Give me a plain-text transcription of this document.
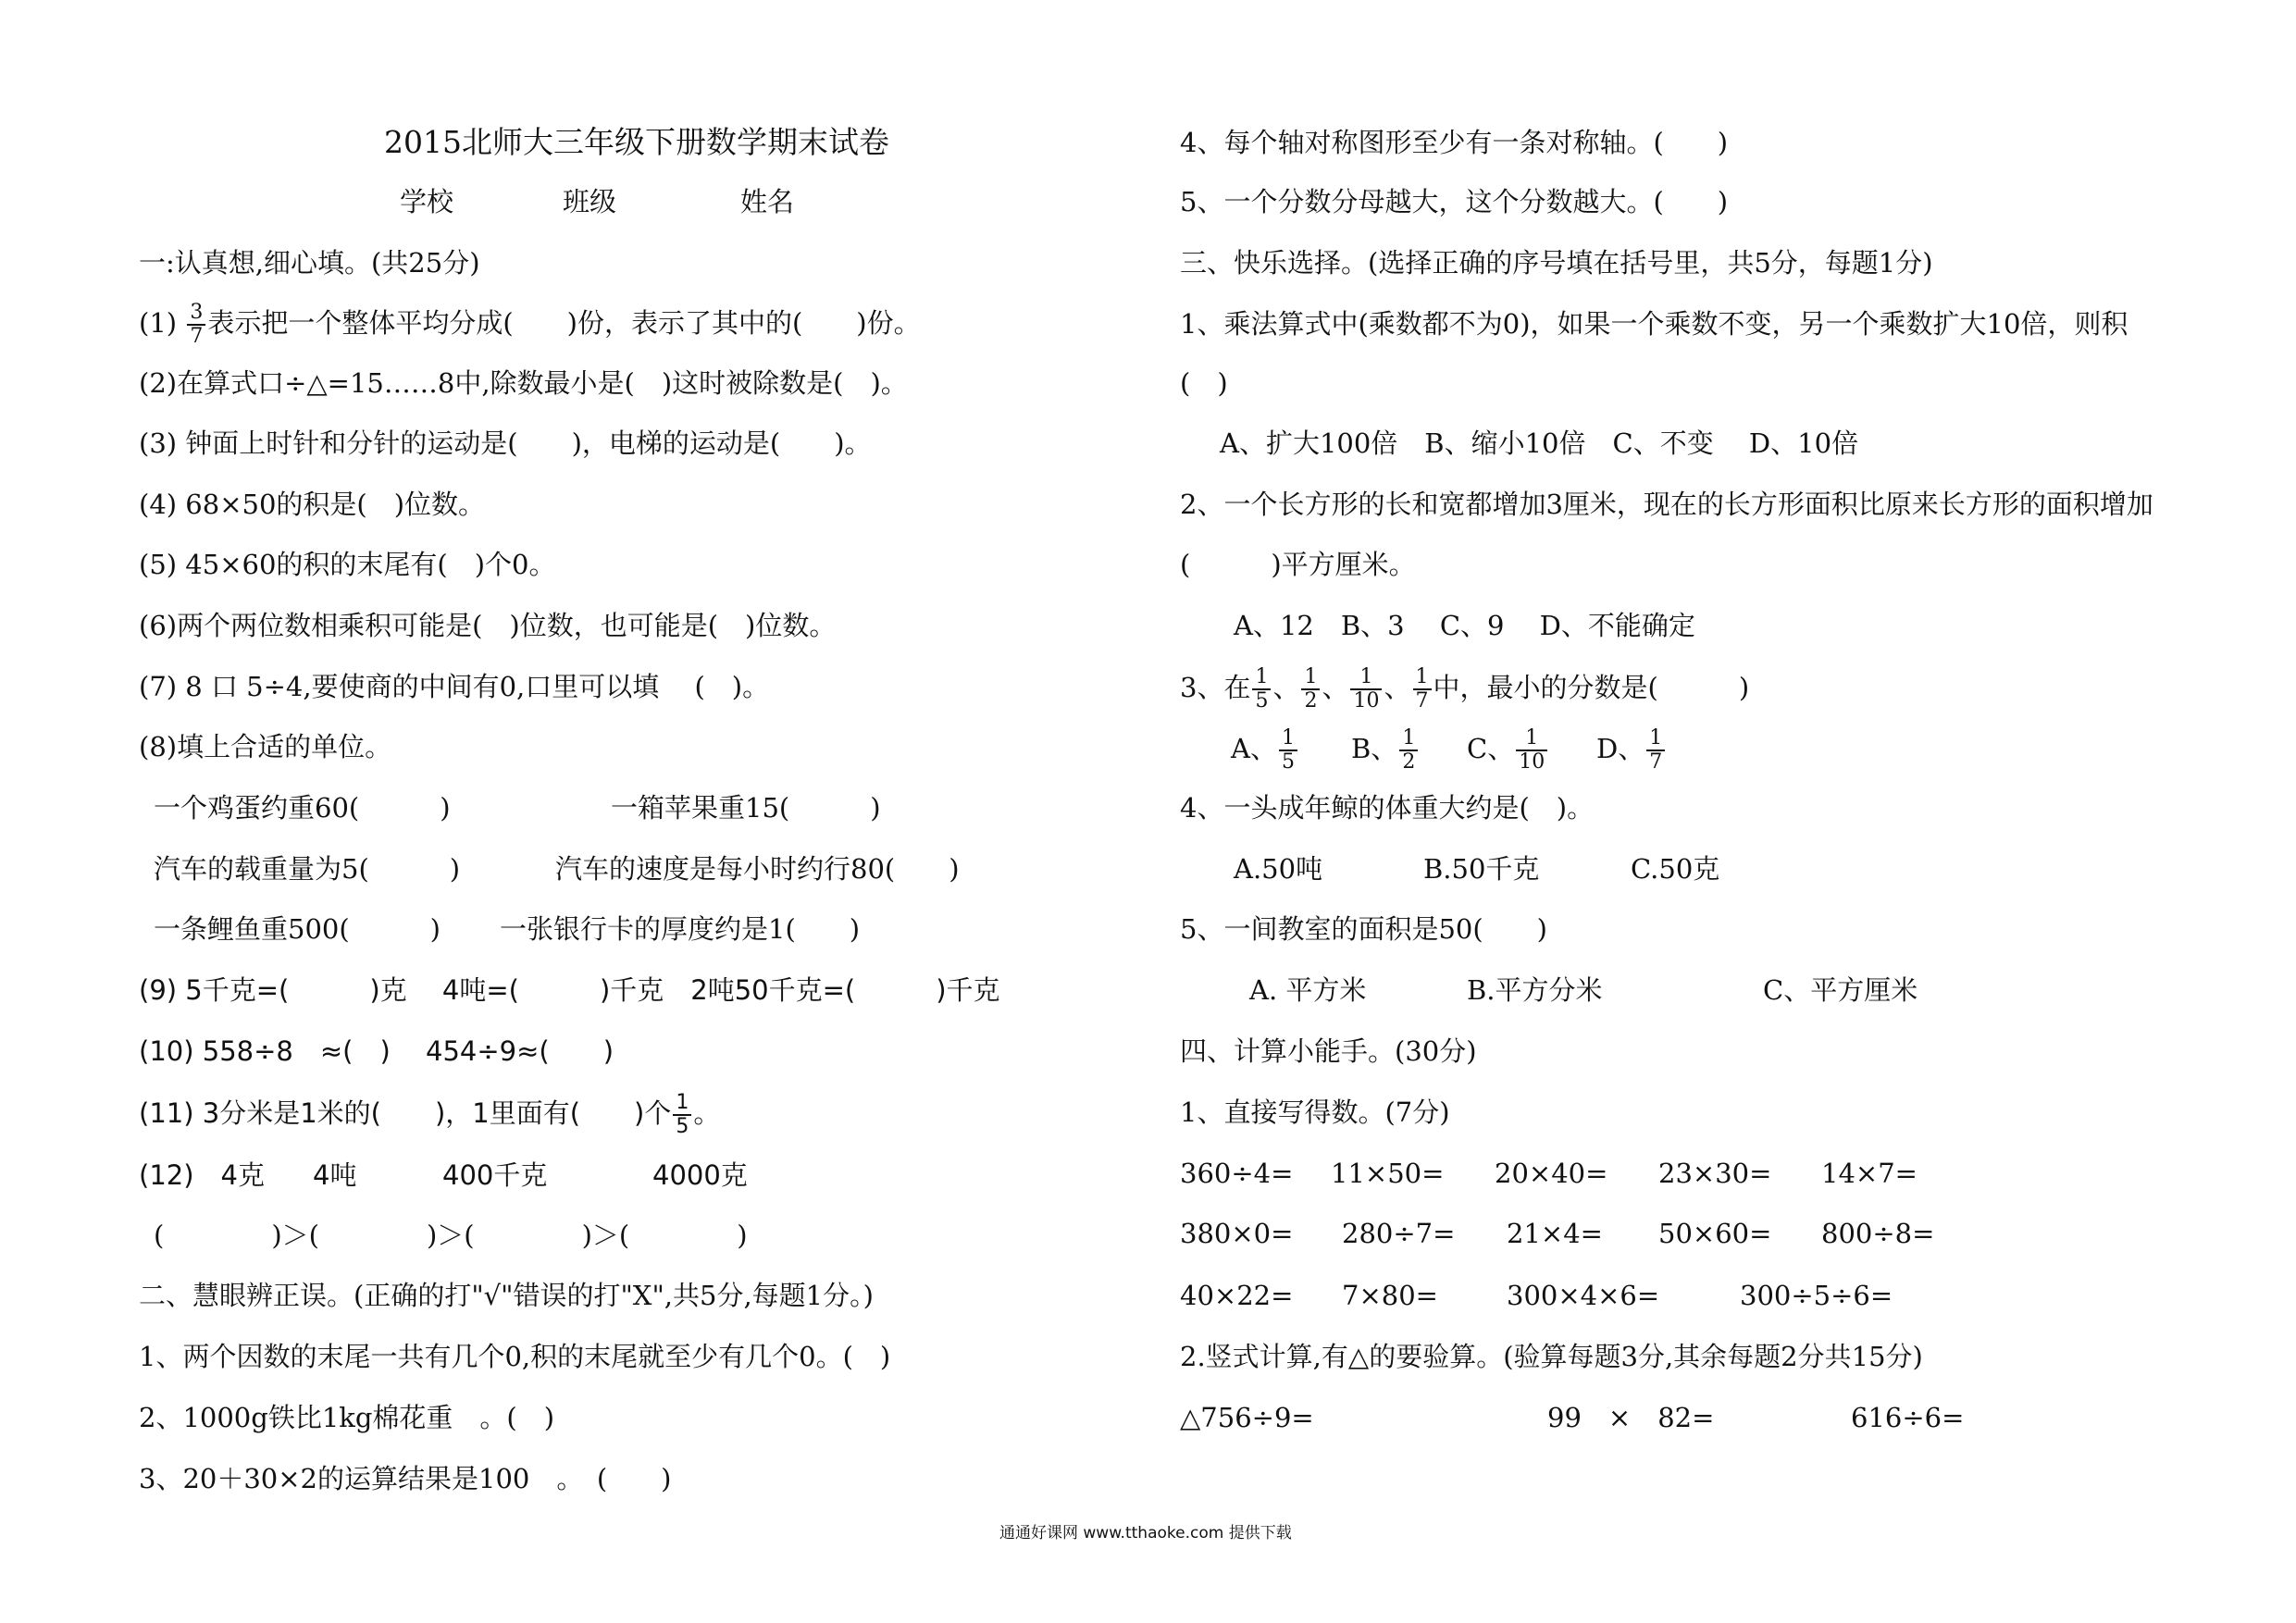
2015北师大三年级下册数学期末试卷
学校	班级	姓名
一:认真想,细心填。(共25分)
$(1) \frac{3}{7}$ 表示把一个整体平均分成(　　)份，表示了其中的(　　)份。
(2)在算式口÷△=15……8中,除数最小是(　)这时被除数是(　)。
(3) 钟面上时针和分针的运动是(　　)，电梯的运动是(　　)。
(4) 68×50的积是(　)位数。
(5) 45×60的积的末尾有(　)个0。
(6)两个两位数相乘积可能是(　)位数，也可能是(　)位数。
(7) 8 口 5÷4,要使商的中间有0,口里可以填　 (　)。
(8)填上合适的单位。
一个鸡蛋约重60(　　　)	一箱苹果重15(　　　)
汽车的载重量为5(　　　)	汽车的速度是每小时约行80(　　)
一条鲤鱼重500(　　　) 一张银行卡的厚度约是1(　　)
(9) 5千克=(　　　)克　 4吨=(　　　)千克　2吨50千克=(　　　)千克
(10) 558÷8　≈(　)　 454÷9≈(　　)
(11) 3分米是1米的(　　)，1里面有(　　)个 $\frac{1}{5}$ 。
(12)　4克 4吨	400千克	4000克
(　　　　)＞(　　　　)＞(　　　　)＞(　　　　)
二、慧眼辨正误。(正确的打"√"错误的打"X",共5分,每题1分。)
1、两个因数的末尾一共有几个0,积的末尾就至少有几个0。(　)
2、1000g铁比1kg棉花重　。(　)
3、20＋30×2的运算结果是100　。　(　　)
4、每个轴对称图形至少有一条对称轴。(　　)
5、一个分数分母越大，这个分数越大。(　　)
三、快乐选择。(选择正确的序号填在括号里，共5分，每题1分)
1、乘法算式中(乘数都不为0)，如果一个乘数不变，另一个乘数扩大10倍，则积
(　)
A、扩大100倍　B、缩小10倍　C、不变　 D、10倍
2、一个长方形的长和宽都增加3厘米，现在的长方形面积比原来长方形的面积增加
(　　　)平方厘米。
A、12　B、3　 C、9　 D、不能确定
3、在 $\frac{1}{5}$ 、 $\frac{1}{2}$ 、 $\frac{1}{10}$ 、 $\frac{1}{7}$ 中，最小的分数是(　　　)
A、 $\frac{1}{5}$ B、 $\frac{1}{2}$ C、 $\frac{1}{10}$ D、 $\frac{1}{7}$
4、一头成年鲸的体重大约是(　)。
A.50吨	B.50千克	C.50克
5、一间教室的面积是50(　　)
A. 平方米	B.平方分米	C、平方厘米
四、计算小能手。(30分)
1、直接写得数。(7分)
360÷4= 11×50= 20×40= 23×30= 14×7=
380×0= 280÷7= 21×4= 50×60= 800÷8=
40×22= 7×80=	300×4×6=	300÷5÷6=
2.竖式计算,有△的要验算。(验算每题3分,其余每题2分共15分)
△756÷9=	99　×　82=	616÷6=
通通好课网 www.tthaoke.com 提供下载
